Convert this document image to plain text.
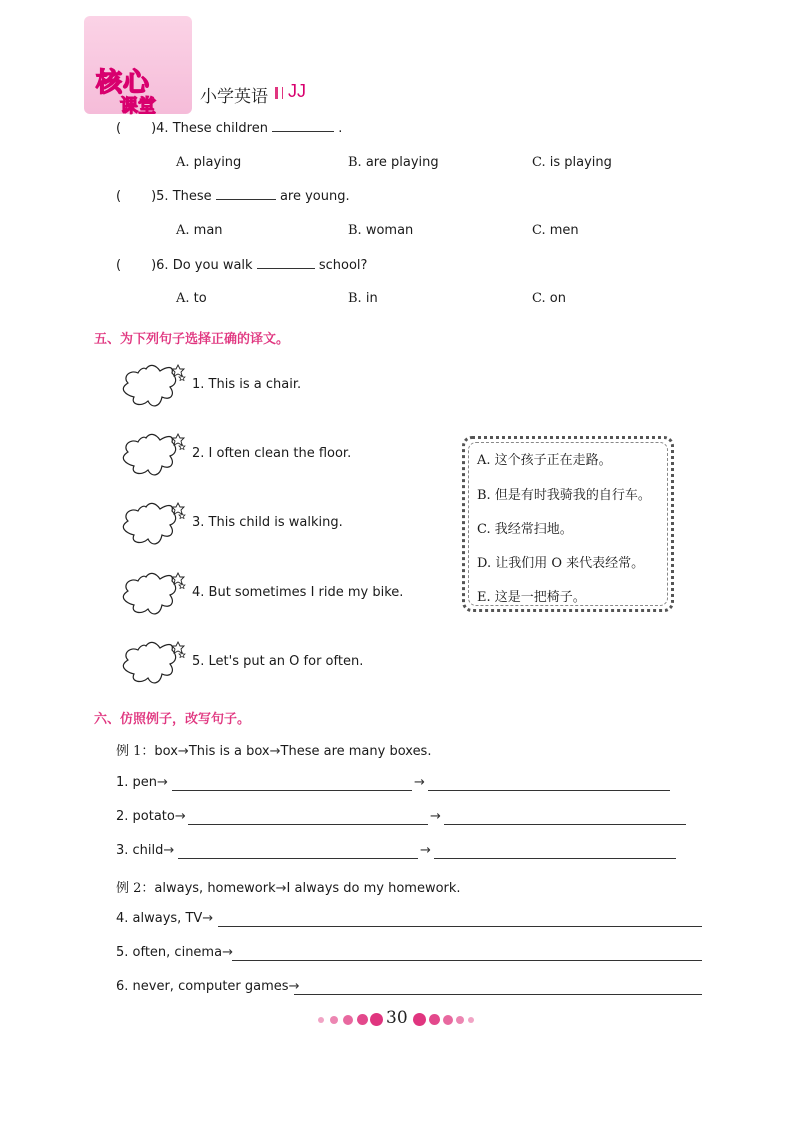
核心
课堂	小学英语 JJ
( )4. These children	.
A. playing	B. are playing	C. is playing
( )5. These	are young.
A. man	B. woman	C. men
( )6. Do you walk	school?
A. to	B. in	C. on
五、为下列句子选择正确的译文。
1. This is a chair.
2. I often clean the floor.
3. This child is walking.
4. But sometimes I ride my bike.
5. Let's put an O for often.
A. 这个孩子正在走路。
B. 但是有时我骑我的自行车。
C. 我经常扫地。
D. 让我们用 O 来代表经常。
E. 这是一把椅子。
六、仿照例子，改写句子。
例 1：box→This is a box→These are many boxes.
1. pen→	→
2. potato→	→
3. child→	→
例 2：always, homework→I always do my homework.
4. always, TV→
5. often, cinema→
6. never, computer games→
30
